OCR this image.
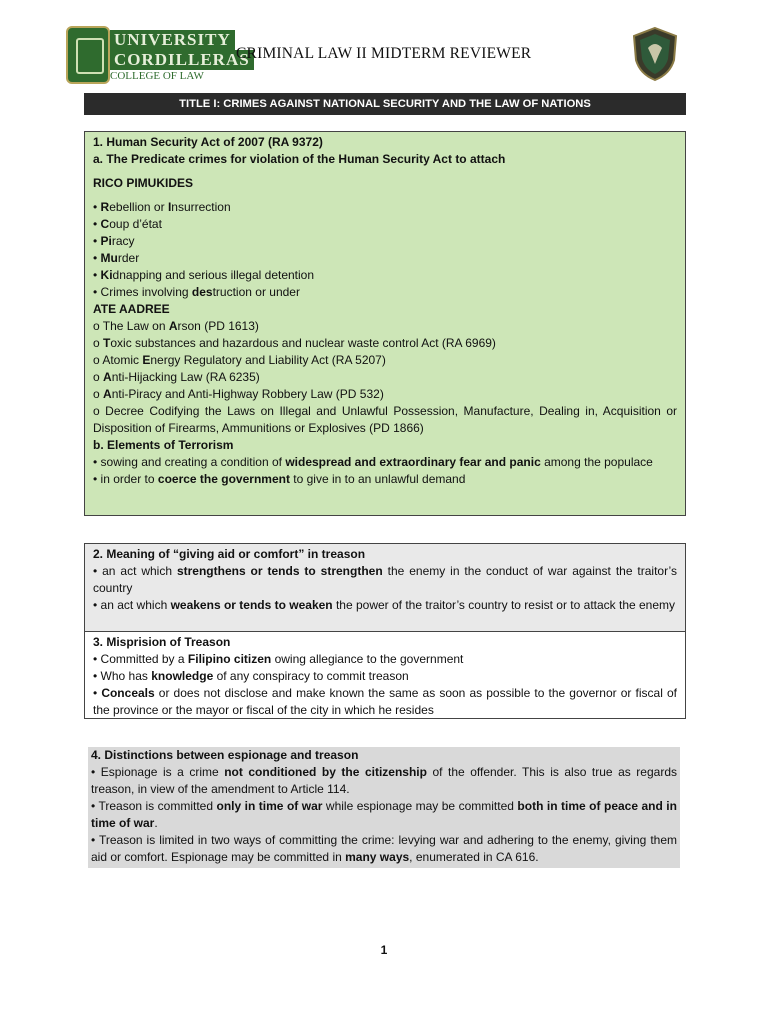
UNIVERSITY
CORDILLERAS
COLLEGE OF LAW
CRIMINAL LAW II MIDTERM REVIEWER
TITLE I: CRIMES AGAINST NATIONAL SECURITY AND THE LAW OF NATIONS

1. Human Security Act of 2007 (RA 9372)

a. The Predicate crimes for violation of the Human Security Act to attach

RICO PIMUKIDES

• Rebellion or Insurrection

• Coup d’état

• Piracy

• Murder

• Kidnapping and serious illegal detention

• Crimes involving destruction or under

ATE AADREE

o The Law on Arson (PD 1613)

o Toxic substances and hazardous and nuclear waste control Act (RA 6969)

o Atomic Energy Regulatory and Liability Act (RA 5207)

o Anti-Hijacking Law (RA 6235)

o Anti-Piracy and Anti-Highway Robbery Law (PD 532)

o Decree Codifying the Laws on Illegal and Unlawful Possession, Manufacture, Dealing in, Acquisition or Disposition of Firearms, Ammunitions or Explosives (PD 1866)

b. Elements of Terrorism

• sowing and creating a condition of widespread and extraordinary fear and panic among the populace

• in order to coerce the government to give in to an unlawful demand

2. Meaning of “giving aid or comfort” in treason

• an act which strengthens or tends to strengthen the enemy in the conduct of war against the traitor’s country

• an act which weakens or tends to weaken the power of the traitor’s country to resist or to attack the enemy

3. Misprision of Treason

• Committed by a Filipino citizen owing allegiance to the government

• Who has knowledge of any conspiracy to commit treason

• Conceals or does not disclose and make known the same as soon as possible to the governor or fiscal of the province or the mayor or fiscal of the city in which he resides

4. Distinctions between espionage and treason

• Espionage is a crime not conditioned by the citizenship of the offender. This is also true as regards treason, in view of the amendment to Article 114.

• Treason is committed only in time of war while espionage may be committed both in time of peace and in time of war.

• Treason is limited in two ways of committing the crime: levying war and adhering to the enemy, giving them aid or comfort. Espionage may be committed in many ways, enumerated in CA 616.

1
